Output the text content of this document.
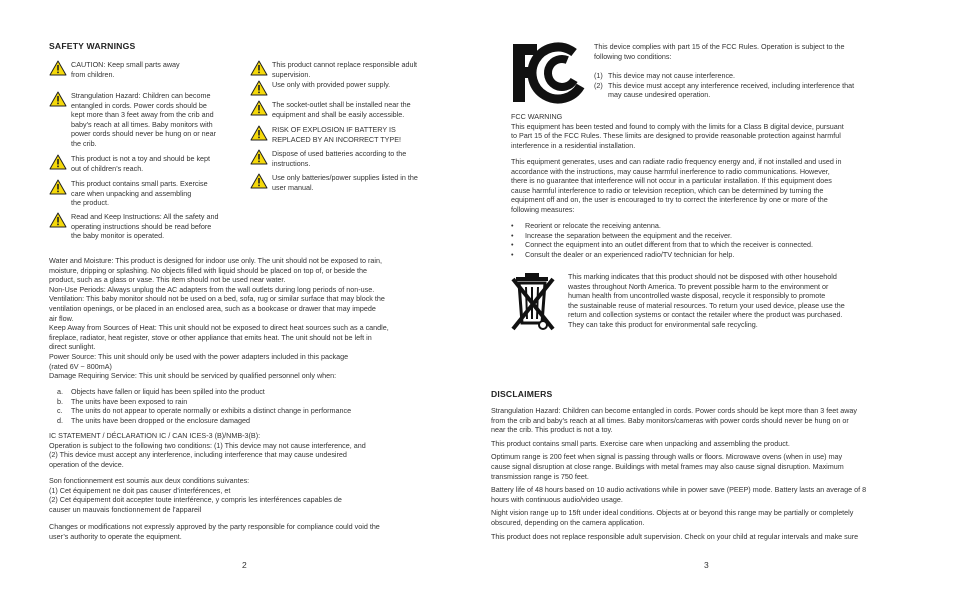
SAFETY WARNINGS
CAUTION: Keep small parts away
from children.
Strangulation Hazard: Children can become
entangled in cords. Power cords should be
kept more than 3 feet away from the crib and
baby’s reach at all times. Baby monitors with
power cords should never be hung on or near
the crib.
This product is not a toy and should be kept
out of children’s reach.
This product contains small parts. Exercise
care when unpacking and assembling
the product.
Read and Keep Instructions: All the safety and
operating instructions should be read before
the baby monitor is operated.
This product cannot replace responsible adult
supervision.
Use only with provided power supply.
The socket-outlet shall be installed near the
equipment and shall be easily accessible.
RISK OF EXPLOSION IF BATTERY IS
REPLACED BY AN INCORRECT TYPE!
Dispose of used batteries according to the
instructions.
Use only batteries/power supplies listed in the
user manual.

Water and Moisture: This product is designed for indoor use only. The unit should not be exposed to rain,
moisture, dripping or splashing. No objects filled with liquid should be placed on top of, or beside the
product, such as a glass or vase. This item should not be used near water.
Non-Use Periods: Always unplug the AC adapters from the wall outlets during long periods of non-use.
Ventilation: This baby monitor should not be used on a bed, sofa, rug or similar surface that may block the
ventilation openings, or be placed in an enclosed area, such as a bookcase or drawer that may impede
air flow.
Keep Away from Sources of Heat: This unit should not be exposed to direct heat sources such as a candle,
fireplace, radiator, heat register, stove or other appliance that emits heat. The unit should not be left in
direct sunlight.
Power Source: This unit should only be used with the power adapters included in this package
(rated 6V ~ 800mA)
Damage Requiring Service: This unit should be serviced by qualified personnel only when:

a. Objects have fallen or liquid has been spilled into the product
b. The units have been exposed to rain
c. The units do not appear to operate normally or exhibits a distinct change in performance
d. The units have been dropped or the enclosure damaged

IC STATEMENT / DÉCLARATION IC / CAN ICES-3 (B)/NMB-3(B):
Operation is subject to the following two conditions: (1) This device may not cause interference, and
(2) This device must accept any interference, including interference that may cause undesired
operation of the device.

Son fonctionnement est soumis aux deux conditions suivantes:
(1) Cet équipement ne doit pas causer d’interférences, et
(2) Cet équipement doit accepter toute interférence, y compris les interférences capables de
causer un mauvais fonctionnement de l’appareil

Changes or modifications not expressly approved by the party responsible for compliance could void the
user’s authority to operate the equipment.

2

This device complies with part 15 of the FCC Rules. Operation is subject to the
following two conditions:

(1) This device may not cause interference.
(2) This device must accept any interference received, including interference that
may cause undesired operation.

FCC WARNING
This equipment has been tested and found to comply with the limits for a Class B digital device, pursuant
to Part 15 of the FCC Rules. These limits are designed to provide reasonable protection against harmful
interference in a residential installation.

This equipment generates, uses and can radiate radio frequency energy and, if not installed and used in
accordance with the instructions, may cause harmful inerference to radio communications. However,
there is no guarantee that interference will not occur in a particular installation. If this equipment does
cause harmful interference to radio or television reception, which can be determined by turning the
equipment off and on, the user is encouraged to try to correct the interference by one or more of the
following measures:

• Reorient or relocate the receiving antenna.
• Increase the separation between the equipment and the receiver.
• Connect the equipment into an outlet different from that to which the receiver is connected.
• Consult the dealer or an experienced radio/TV technician for help.

This marking indicates that this product should not be disposed with other household
wastes throughout North America. To prevent possible harm to the environment or
human health from uncontrolled waste disposal, recycle it responsibly to promote
the sustainable reuse of material resources. To return your used device, please use the
return and collection systems or contact the retailer where the product was purchased.
They can take this product for environmental safe recycling.

DISCLAIMERS

Strangulation Hazard: Children can become entangled in cords. Power cords should be kept more than 3 feet away
from the crib and baby’s reach at all times. Baby monitors/cameras with power cords should never be hung on or
near the crib. This product is not a toy.

This product contains small parts. Exercise care when unpacking and assembling the product.

Optimum range is 200 feet when signal is passing through walls or floors. Microwave ovens (when in use) may
cause signal disruption at close range. Buildings with metal frames may also cause signal disruption. Maximum
transmission range is 750 feet.

Battery life of 48 hours based on 10 audio activations while in power save (PEEP) mode. Battery lasts an average of 8
hours with continuous audio/video usage.

Night vision range up to 15ft under ideal conditions. Objects at or beyond this range may be partially or completely
obscured, depending on the camera application.

This product does not replace responsible adult supervision. Check on your child at regular intervals and make sure

3
